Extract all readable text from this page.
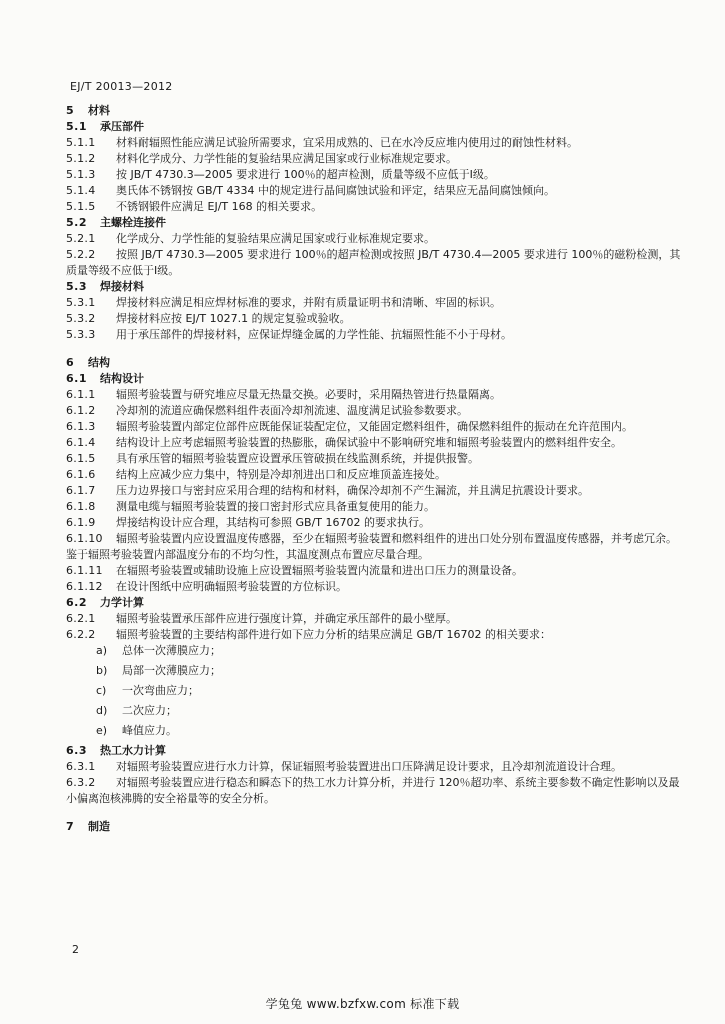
EJ/T 20013—2012
5 材料
5.1 承压部件
5.1.1 材料耐辐照性能应满足试验所需要求，宜采用成熟的、已在水冷反应堆内使用过的耐蚀性材料。
5.1.2 材料化学成分、力学性能的复验结果应满足国家或行业标准规定要求。
5.1.3 按 JB/T 4730.3—2005 要求进行 100％的超声检测，质量等级不应低于Ⅰ级。
5.1.4 奥氏体不锈钢按 GB/T 4334 中的规定进行晶间腐蚀试验和评定，结果应无晶间腐蚀倾向。
5.1.5 不锈钢锻件应满足 EJ/T 168 的相关要求。
5.2 主螺栓连接件
5.2.1 化学成分、力学性能的复验结果应满足国家或行业标准规定要求。
5.2.2 按照 JB/T 4730.3—2005 要求进行 100％的超声检测或按照 JB/T 4730.4—2005 要求进行 100％的磁粉检测，其质量等级不应低于Ⅰ级。
5.3 焊接材料
5.3.1 焊接材料应满足相应焊材标准的要求，并附有质量证明书和清晰、牢固的标识。
5.3.2 焊接材料应按 EJ/T 1027.1 的规定复验或验收。
5.3.3 用于承压部件的焊接材料，应保证焊缝金属的力学性能、抗辐照性能不小于母材。
6 结构
6.1 结构设计
6.1.1 辐照考验装置与研究堆应尽量无热量交换。必要时，采用隔热管进行热量隔离。
6.1.2 冷却剂的流道应确保燃料组件表面冷却剂流速、温度满足试验参数要求。
6.1.3 辐照考验装置内部定位部件应既能保证装配定位，又能固定燃料组件，确保燃料组件的振动在允许范围内。
6.1.4 结构设计上应考虑辐照考验装置的热膨胀，确保试验中不影响研究堆和辐照考验装置内的燃料组件安全。
6.1.5 具有承压管的辐照考验装置应设置承压管破损在线监测系统，并提供报警。
6.1.6 结构上应减少应力集中，特别是冷却剂进出口和反应堆顶盖连接处。
6.1.7 压力边界接口与密封应采用合理的结构和材料，确保冷却剂不产生漏流，并且满足抗震设计要求。
6.1.8 测量电缆与辐照考验装置的接口密封形式应具备重复使用的能力。
6.1.9 焊接结构设计应合理，其结构可参照 GB/T 16702 的要求执行。
6.1.10 辐照考验装置内应设置温度传感器，至少在辐照考验装置和燃料组件的进出口处分别布置温度传感器，并考虑冗余。鉴于辐照考验装置内部温度分布的不均匀性，其温度测点布置应尽量合理。
6.1.11 在辐照考验装置或辅助设施上应设置辐照考验装置内流量和进出口压力的测量设备。
6.1.12 在设计图纸中应明确辐照考验装置的方位标识。
6.2 力学计算
6.2.1 辐照考验装置承压部件应进行强度计算，并确定承压部件的最小壁厚。
6.2.2 辐照考验装置的主要结构部件进行如下应力分析的结果应满足 GB/T 16702 的相关要求：
a) 总体一次薄膜应力；
b) 局部一次薄膜应力；
c) 一次弯曲应力；
d) 二次应力；
e) 峰值应力。
6.3 热工水力计算
6.3.1 对辐照考验装置应进行水力计算，保证辐照考验装置进出口压降满足设计要求，且冷却剂流道设计合理。
6.3.2 对辐照考验装置应进行稳态和瞬态下的热工水力计算分析，并进行 120％超功率、系统主要参数不确定性影响以及最小偏离泡核沸腾的安全裕量等的安全分析。
7 制造
2
学兔兔 www.bzfxw.com 标准下载
